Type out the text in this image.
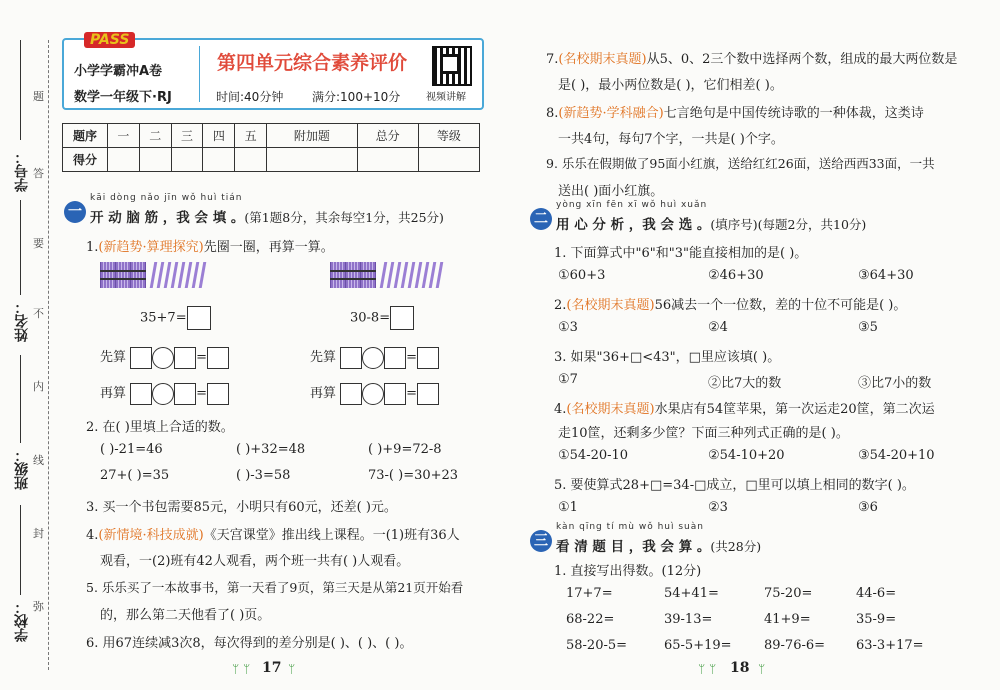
学号：
姓名：
班级：
学校：
题
答
要
不
内
线
封
弥
PASS
小学学霸冲A卷
数学一年级下·RJ
第四单元综合素养评价
时间:40分钟 满分:100+10分	视频讲解
题序	一	二	三	四	五	附加题	总分	等级
得分								
一
kāi dòng nǎo jīn wǒ huì tián
开 动 脑 筋 ，我 会 填 。(第1题8分，其余每空1分，共25分)
1.(新趋势·算理探究)先圈一圈，再算一算。
35+7=	30-8=
先算	=	先算	=
再算	=	再算	=
2. 在( )里填上合适的数。
( )-21=46	( )+32=48	( )+9=72-8
27+( )=35	( )-3=58	73-( )=30+23
3. 买一个书包需要85元，小明只有60元，还差( )元。
4.(新情境·科技成就)《天宫课堂》推出线上课程。一(1)班有36人
观看，一(2)班有42人观看，两个班一共有( )人观看。
5. 乐乐买了一本故事书，第一天看了9页，第三天是从第21页开始看
的，那么第二天他看了( )页。
6. 用67连续减3次8，每次得到的差分别是( )、( )、( )。
ᛘ ᛘ 17 ᛘ
7.(名校期末真题)从5、0、2三个数中选择两个数，组成的最大两位数是
是( )，最小两位数是( )，它们相差( )。
8.(新趋势·学科融合)七言绝句是中国传统诗歌的一种体裁，这类诗
一共4句，每句7个字，一共是( )个字。
9. 乐乐在假期做了95面小红旗，送给红红26面，送给西西33面，一共
送出( )面小红旗。
二
yòng xīn fēn xī wǒ huì xuǎn
用 心 分 析 ，我 会 选 。(填序号)(每题2分，共10分)
1. 下面算式中"6"和"3"能直接相加的是( )。
①60+3	②46+30	③64+30
2.(名校期末真题)56减去一个一位数，差的十位不可能是( )。
①3	②4	③5
3. 如果"36+□<43"，□里应该填( )。
①7	②比7大的数	③比7小的数
4.(名校期末真题)水果店有54筐苹果，第一次运走20筐，第二次运
走10筐，还剩多少筐？下面三种列式正确的是( )。
①54-20-10	②54-10+20	③54-20+10
5. 要使算式28+□=34-□成立，□里可以填上相同的数字( )。
①1	②3	③6
三
kàn qīng tí mù wǒ huì suàn
看 清 题 目 ，我 会 算 。(共28分)
1. 直接写出得数。(12分)
17+7=	54+41=	75-20=	44-6=
68-22=	39-13=	41+9=	35-9=
58-20-5=	65-5+19= 89-76-6= 63-3+17=
ᛘ ᛘ 18 ᛘ
